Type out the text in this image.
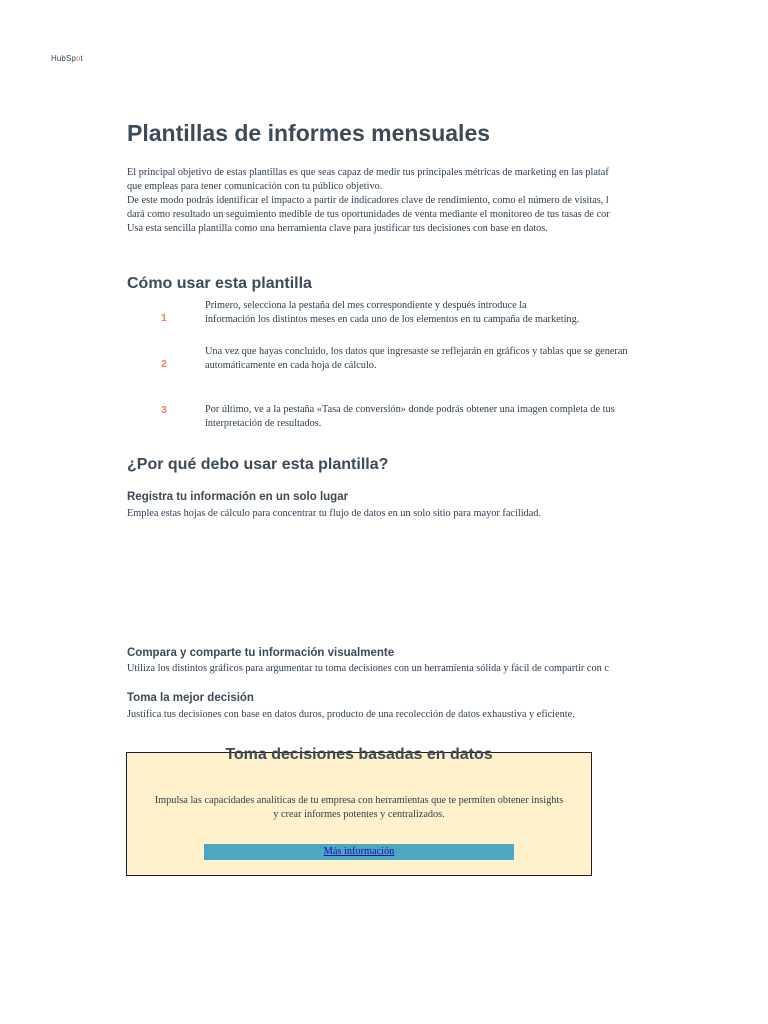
HubSpot
Plantillas de informes mensuales
El principal objetivo de estas plantillas es que seas capaz de medir tus principales métricas de marketing en las plataf
que empleas para tener comunicación con tu público objetivo.
De este modo podrás identificar el impacto a partir de indicadores clave de rendimiento, como el número de visitas, l
dará como resultado un seguimiento medible de tus oportunidades de venta mediante el monitoreo de tus tasas de cor
Usa esta sencilla plantilla como una herramienta clave para justificar tus decisiones con base en datos.
Cómo usar esta plantilla
1
Primero, selecciona la pestaña del mes correspondiente y después introduce la
información los distintos meses en cada uno de los elementos en tu campaña de marketing.
2
Una vez que hayas concluido, los datos que ingresaste se reflejarán en gráficos y tablas que se generan
automáticamente en cada hoja de cálculo.
3	Por último, ve a la pestaña «Tasa de conversión» donde podrás obtener una imagen completa de tus
interpretación de resultados.
¿Por qué debo usar esta plantilla?
Registra tu información en un solo lugar
Emplea estas hojas de cálculo para concentrar tu flujo de datos en un solo sitio para mayor facilidad.
Compara y comparte tu información visualmente
Utiliza los distintos gráficos para argumentar tu toma decisiones con un herramienta sólida y fácil de compartir con c
Toma la mejor decisión
Justifica tus decisiones con base en datos duros, producto de una recolección de datos exhaustiva y eficiente.
Toma decisiones basadas en datos
Impulsa las capacidades analíticas de tu empresa con herramientas que te permiten obtener insights
y crear informes potentes y centralizados.
Más información
